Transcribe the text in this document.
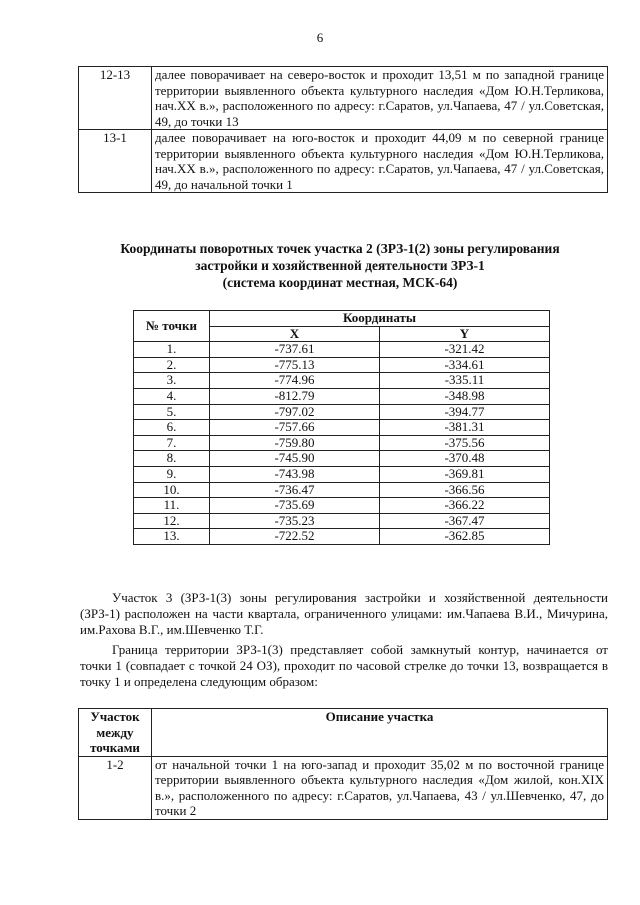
6
12-13	далее поворачивает на северо-восток и проходит 13,51 м по западной границе территории выявленного объекта культурного наследия «Дом Ю.Н.Терликова, нач.XX в.», расположенного по адресу: г.Саратов, ул.Чапаева, 47 / ул.Советская, 49, до точки 13
13-1	далее поворачивает на юго-восток и проходит 44,09 м по северной границе территории выявленного объекта культурного наследия «Дом Ю.Н.Терликова, нач.XX в.», расположенного по адресу: г.Саратов, ул.Чапаева, 47 / ул.Советская, 49, до начальной точки 1
Координаты поворотных точек участка 2 (ЗРЗ-1(2) зоны регулирования
застройки и хозяйственной деятельности ЗРЗ-1
(система координат местная, МСК-64)
№ точки	Координаты	
	X	Y
1.	-737.61	-321.42
2.	-775.13	-334.61
3.	-774.96	-335.11
4.	-812.79	-348.98
5.	-797.02	-394.77
6.	-757.66	-381.31
7.	-759.80	-375.56
8.	-745.90	-370.48
9.	-743.98	-369.81
10.	-736.47	-366.56
11.	-735.69	-366.22
12.	-735.23	-367.47
13.	-722.52	-362.85

Участок 3 (ЗРЗ-1(3) зоны регулирования застройки и хозяйственной деятельности (ЗРЗ-1) расположен на части квартала, ограниченного улицами: им.Чапаева В.И., Мичурина, им.Рахова В.Г., им.Шевченко Т.Г.

Граница территории ЗРЗ-1(3) представляет собой замкнутый контур, начинается от точки 1 (совпадает с точкой 24 ОЗ), проходит по часовой стрелке до точки 13, возвращается в точку 1 и определена следующим образом:

Участок между точками	Описание участка
1-2	от начальной точки 1 на юго-запад и проходит 35,02 м по восточной границе территории выявленного объекта культурного наследия «Дом жилой, кон.XIX в.», расположенного по адресу: г.Саратов, ул.Чапаева, 43 / ул.Шевченко, 47, до точки 2
